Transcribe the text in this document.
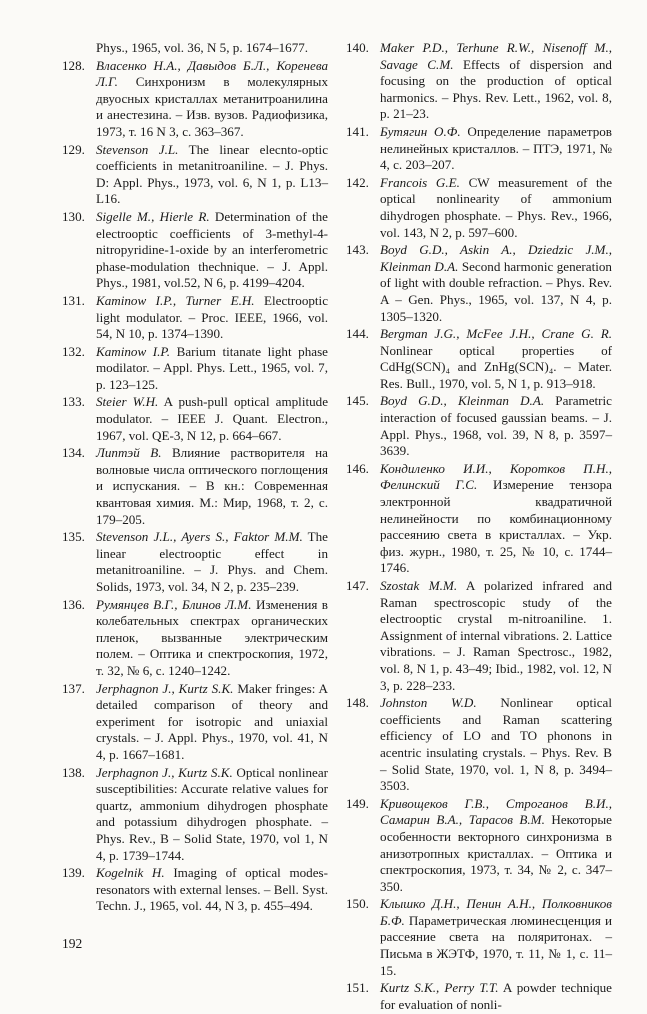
Phys., 1965, vol. 36, N 5, p. 1674–1677.
128. Власенко Н.А., Давыдов Б.Л., Коренева Л.Г. Синхронизм в молекулярных двуосных кристаллах метанитроанилина и анестезина. – Изв. вузов. Радиофизика, 1973, т. 16 N 3, с. 363–367.

129. Stevenson J.L. The linear elecnto-optic coefficients in metanitroaniline. – J. Phys. D: Appl. Phys., 1973, vol. 6, N 1, p. L13–L16.

130. Sigelle M., Hierle R. Determination of the electrooptic coefficients of 3-methyl-4-nitropyridine-1-oxide by an interferometric phase-modulation thechnique. – J. Appl. Phys., 1981, vol.52, N 6, p. 4199–4204.

131. Kaminow I.P., Turner E.H. Electrooptic light modulator. – Proc. IEEE, 1966, vol. 54, N 10, p. 1374–1390.

132. Kaminow I.P. Barium titanate light phase modilator. – Appl. Phys. Lett., 1965, vol. 7, p. 123–125.

133. Steier W.H. A push-pull optical amplitude modulator. – IEEE J. Quant. Electron., 1967, vol. QE-3, N 12, p. 664–667.

134. Липтэй В. Влияние растворителя на волновые числа оптического поглощения и испускания. – В кн.: Современная квантовая химия. М.: Мир, 1968, т. 2, с. 179–205.

135. Stevenson J.L., Ayers S., Faktor M.M. The linear electrooptic effect in metanitroaniline. – J. Phys. and Chem. Solids, 1973, vol. 34, N 2, p. 235–239.

136. Румянцев В.Г., Блинов Л.М. Изменения в колебательных спектрах органических пленок, вызванные электрическим полем. – Оптика и спектроскопия, 1972, т. 32, № 6, с. 1240–1242.

137. Jerphagnon J., Kurtz S.K. Maker fringes: A detailed comparison of theory and experiment for isotropic and uniaxial crystals. – J. Appl. Phys., 1970, vol. 41, N 4, p. 1667–1681.

138. Jerphagnon J., Kurtz S.K. Optical nonlinear susceptibilities: Accurate relative values for quartz, ammonium dihydrogen phosphate and potassium dihydrogen phosphate. – Phys. Rev., B – Solid State, 1970, vol 1, N 4, p. 1739–1744.

139. Kogelnik H. Imaging of optical modes-resonators with external lenses. – Bell. Syst. Techn. J., 1965, vol. 44, N 3, p. 455–494.

140. Maker P.D., Terhune R.W., Nisenoff M., Savage C.M. Effects of dispersion and focusing on the production of optical harmonics. – Phys. Rev. Lett., 1962, vol. 8, p. 21–23.

141. Бутягин О.Ф. Определение параметров нелинейных кристаллов. – ПТЭ, 1971, № 4, с. 203–207.

142. Francois G.E. CW measurement of the optical nonlinearity of ammonium dihydrogen phosphate. – Phys. Rev., 1966, vol. 143, N 2, p. 597–600.

143. Boyd G.D., Askin A., Dziedzic J.M., Kleinman D.A. Second harmonic generation of light with double refraction. – Phys. Rev. A – Gen. Phys., 1965, vol. 137, N 4, p. 1305–1320.

144. Bergman J.G., McFee J.H., Crane G. R. Nonlinear optical properties of CdHg(SCN)₄ and ZnHg(SCN)₄. – Mater. Res. Bull., 1970, vol. 5, N 1, p. 913–918.

145. Boyd G.D., Kleinman D.A. Parametric interaction of focused gaussian beams. – J. Appl. Phys., 1968, vol. 39, N 8, p. 3597–3639.

146. Кондиленко И.И., Коротков П.Н., Фелинский Г.С. Измерение тензора электронной квадратичной нелинейности по комбинационному рассеянию света в кристаллах. – Укр. физ. журн., 1980, т. 25, № 10, с. 1744–1746.

147. Szostak M.M. A polarized infrared and Raman spectroscopic study of the electrooptic crystal m-nitroaniline. 1. Assignment of internal vibrations. 2. Lattice vibrations. – J. Raman Spectrosc., 1982, vol. 8, N 1, p. 43–49; Ibid., 1982, vol. 12, N 3, p. 228–233.

148. Johnston W.D. Nonlinear optical coefficients and Raman scattering efficiency of LO and TO phonons in acentric insulating crystals. – Phys. Rev. B – Solid State, 1970, vol. 1, N 8, p. 3494–3503.

149. Кривощеков Г.В., Строганов В.И., Самарин В.А., Тарасов В.М. Некоторые особенности векторного синхронизма в анизотропных кристаллах. – Оптика и спектроскопия, 1973, т. 34, № 2, с. 347–350.

150. Клышко Д.Н., Пенин А.Н., Полковников Б.Ф. Параметрическая люминесценция и рассеяние света на поляритонах. – Письма в ЖЭТФ, 1970, т. 11, № 1, с. 11–15.

151. Kurtz S.K., Perry T.T. A powder technique for evaluation of nonli-

192
